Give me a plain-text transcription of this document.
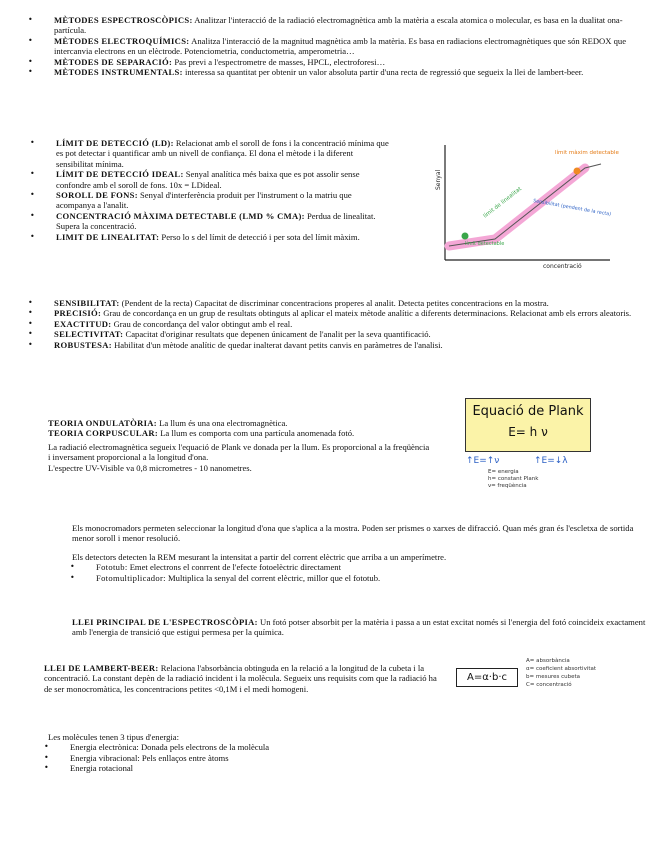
• MÈTODES ESPECTROSCÒPICS: Analitzar l'interacció de la radiació electromagnètica amb la matèria a escala atomica o molecular, es basa en la dualitat ona-partícula.
• MÈTODES ELECTROQUÍMICS: Analitza l'interacció de la magnitud magnètica amb la matèria. Es basa en radiacions electromagnètiques que són REDOX que intercanvia electrons en un elèctrode. Potenciometria, conductometria, amperometria…
• MÈTODES DE SEPARACIÓ: Pas previ a l'espectrometre de masses, HPCL, electroforesi…
• MÈTODES INSTRUMENTALS: interessa sa quantitat per obtenir un valor absoluta partir d'una recta de regressió que segueix la llei de lambert-beer.
• LÍMIT DE DETECCIÓ (LD): Relacionat amb el soroll de fons i la concentració mínima que es pot detectar i quantificar amb un nivell de confiança. El dona el mètode i la diferent sensibilitat mínima.
• LÍMIT DE DETECCIÓ IDEAL: Senyal analítica més baixa que es pot assolir sense confondre amb el soroll de fons. 10x = LDideal.
• SOROLL DE FONS: Senyal d'interferència produit per l'instrument o la matriu que acompanya a l'analit.
• CONCENTRACIÓ MÀXIMA DETECTABLE (LMD % CMA): Perdua de linealitat. Supera la concentració.
• LIMIT DE LINEALITAT: Perso lo s del límit de detecció i per sota del límit màxim.
Senyal
concentració
límit màxim detectable
límit detectable
límit de linealitat Sensibilitat (pendent de la recta)
• SENSIBILITAT: (Pendent de la recta) Capacitat de discriminar concentracions properes al analit. Detecta petites concentracions en la mostra.
• PRECISIÓ: Grau de concordança en un grup de resultats obtinguts al aplicar el mateix mètode analític a diferents determinacions. Relacionat amb els errors aleatoris.
• EXACTITUD: Grau de concordança del valor obtingut amb el real.
• SELECTIVITAT: Capacitat d'originar resultats que depenen únicament de l'analit per la seva quantificació.
• ROBUSTESA: Habilitat d'un mètode analític de quedar inalterat davant petits canvis en paràmetres de l'analisi.

TEORIA ONDULATÒRIA: La llum és una ona electromagnètica.

TEORIA CORPUSCULAR: La llum es comporta com una partícula anomenada fotó.

La radiació electromagnètica segueix l'equació de Plank ve donada per la llum. Es proporcional a la freqüència i inversament proporcional a la longitud d'ona.

L'espectre UV-Visible va 0,8 micrometres - 10 nanometres.

Equació de Plank
E= h ν
↑E=↑ν	↑E=↓λ
E= energia
h= constant Plank
ν= freqüència

Els monocromadors permeten seleccionar la longitud d'ona que s'aplica a la mostra. Poden ser prismes o xarxes de difracció. Quan més gran és l'escletxa de sortida menor soroll i menor resolució.

Els detectors detecten la REM mesurant la intensitat a partir del corrent elèctric que arriba a un amperímetre.

• Fototub: Emet electrons el conrrent de l'efecte fotoelèctric directament
• Fotomultiplicador: Multiplica la senyal del corrent elèctric, millor que el fototub.
LLEI PRINCIPAL DE L'ESPECTROSCÒPIA: Un fotó potser absorbit per la matèria i passa a un estat excitat només si l'energia del fotó coincideix exactament amb l'energia de transició que estigui permesa per la química.
LLEI DE LAMBERT-BEER: Relaciona l'absorbància obtinguda en la relació a la longitud de la cubeta i la concentració. La constant depèn de la radiació incident i la molècula. Segueix uns requisits com que la radiació ha de ser monocromàtica, les concentracions petites <0,1M i el medi homogeni.
A=α·b·c
A= absorbància
α= coeficient absortivitat
b= mesures cubeta
C= concentració

Les molècules tenen 3 tipus d'energia:

• Energia electrònica: Donada pels electrons de la molècula
• Energia vibracional: Pels enllaços entre àtoms
• Energia rotacional
